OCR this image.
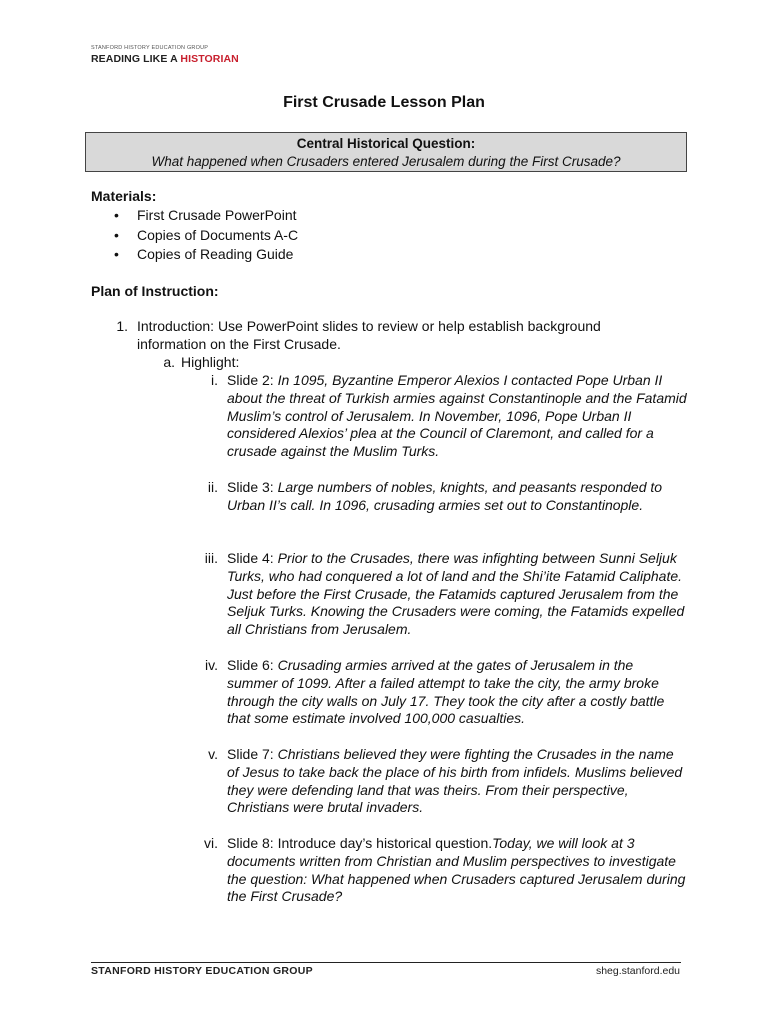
STANFORD HISTORY EDUCATION GROUP
READING LIKE A HISTORIAN
First Crusade Lesson Plan
Central Historical Question:
What happened when Crusaders entered Jerusalem during the First Crusade?
Materials:
• First Crusade PowerPoint
• Copies of Documents A-C
• Copies of Reading Guide
Plan of Instruction:
1. Introduction: Use PowerPoint slides to review or help establish background
information on the First Crusade.
a. Highlight:
i. Slide 2: In 1095, Byzantine Emperor Alexios I contacted Pope Urban II about the threat of Turkish armies against Constantinople and the Fatamid Muslim’s control of Jerusalem. In November, 1096, Pope Urban II considered Alexios’ plea at the Council of Claremont, and called for a crusade against the Muslim Turks.
ii. Slide 3: Large numbers of nobles, knights, and peasants responded to Urban II’s call. In 1096, crusading armies set out to Constantinople.
iii. Slide 4: Prior to the Crusades, there was infighting between Sunni Seljuk Turks, who had conquered a lot of land and the Shi’ite Fatamid Caliphate. Just before the First Crusade, the Fatamids captured Jerusalem from the Seljuk Turks. Knowing the Crusaders were coming, the Fatamids expelled all Christians from Jerusalem.
iv. Slide 6: Crusading armies arrived at the gates of Jerusalem in the summer of 1099. After a failed attempt to take the city, the army broke through the city walls on July 17. They took the city after a costly battle that some estimate involved 100,000 casualties.
v. Slide 7: Christians believed they were fighting the Crusades in the name of Jesus to take back the place of his birth from infidels. Muslims believed they were defending land that was theirs. From their perspective, Christians were brutal invaders.
vi. Slide 8: Introduce day’s historical question.Today, we will look at 3 documents written from Christian and Muslim perspectives to investigate the question: What happened when Crusaders captured Jerusalem during the First Crusade?
STANFORD HISTORY EDUCATION GROUP	sheg.stanford.edu
